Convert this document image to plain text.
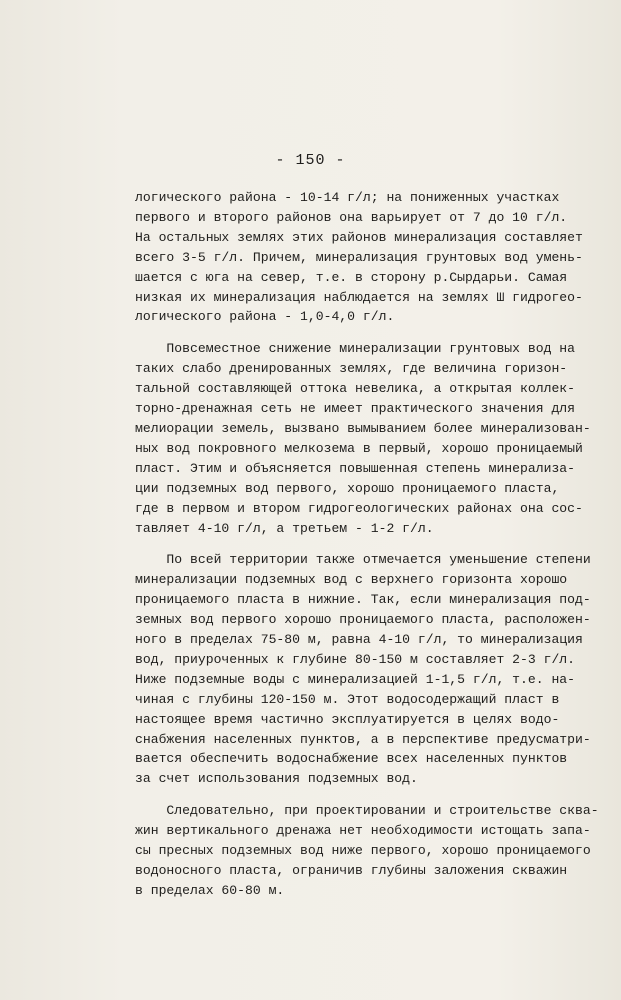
- 150 -
логического района - 10-14 г/л; на пониженных участках
первого и второго районов она варьирует от 7 до 10 г/л.
На остальных землях этих районов минерализация составляет
всего 3-5 г/л. Причем, минерализация грунтовых вод умень-
шается с юга на север, т.е. в сторону р.Сырдарьи. Самая
низкая их минерализация наблюдается на землях Ш гидрогео-
логического района - 1,0-4,0 г/л.
Повсеместное снижение минерализации грунтовых вод на
таких слабо дренированных землях, где величина горизон-
тальной составляющей оттока невелика, а открытая коллек-
торно-дренажная сеть не имеет практического значения для
мелиорации земель, вызвано вымыванием более минерализован-
ных вод покровного мелкозема в первый, хорошо проницаемый
пласт. Этим и объясняется повышенная степень минерализа-
ции подземных вод первого, хорошо проницаемого пласта,
где в первом и втором гидрогеологических районах она сос-
тавляет 4-10 г/л, а третьем - 1-2 г/л.
По всей территории также отмечается уменьшение степени
минерализации подземных вод с верхнего горизонта хорошо
проницаемого пласта в нижние. Так, если минерализация под-
земных вод первого хорошо проницаемого пласта, расположен-
ного в пределах 75-80 м, равна 4-10 г/л, то минерализация
вод, приуроченных к глубине 80-150 м составляет 2-3 г/л.
Ниже подземные воды с минерализацией 1-1,5 г/л, т.е. на-
чиная с глубины 120-150 м. Этот водосодержащий пласт в
настоящее время частично эксплуатируется в целях водо-
снабжения населенных пунктов, а в перспективе предусматри-
вается обеспечить водоснабжение всех населенных пунктов
за счет использования подземных вод.
Следовательно, при проектировании и строительстве сква-
жин вертикального дренажа нет необходимости истощать запа-
сы пресных подземных вод ниже первого, хорошо проницаемого
водоносного пласта, ограничив глубины заложения скважин
в пределах 60-80 м.
